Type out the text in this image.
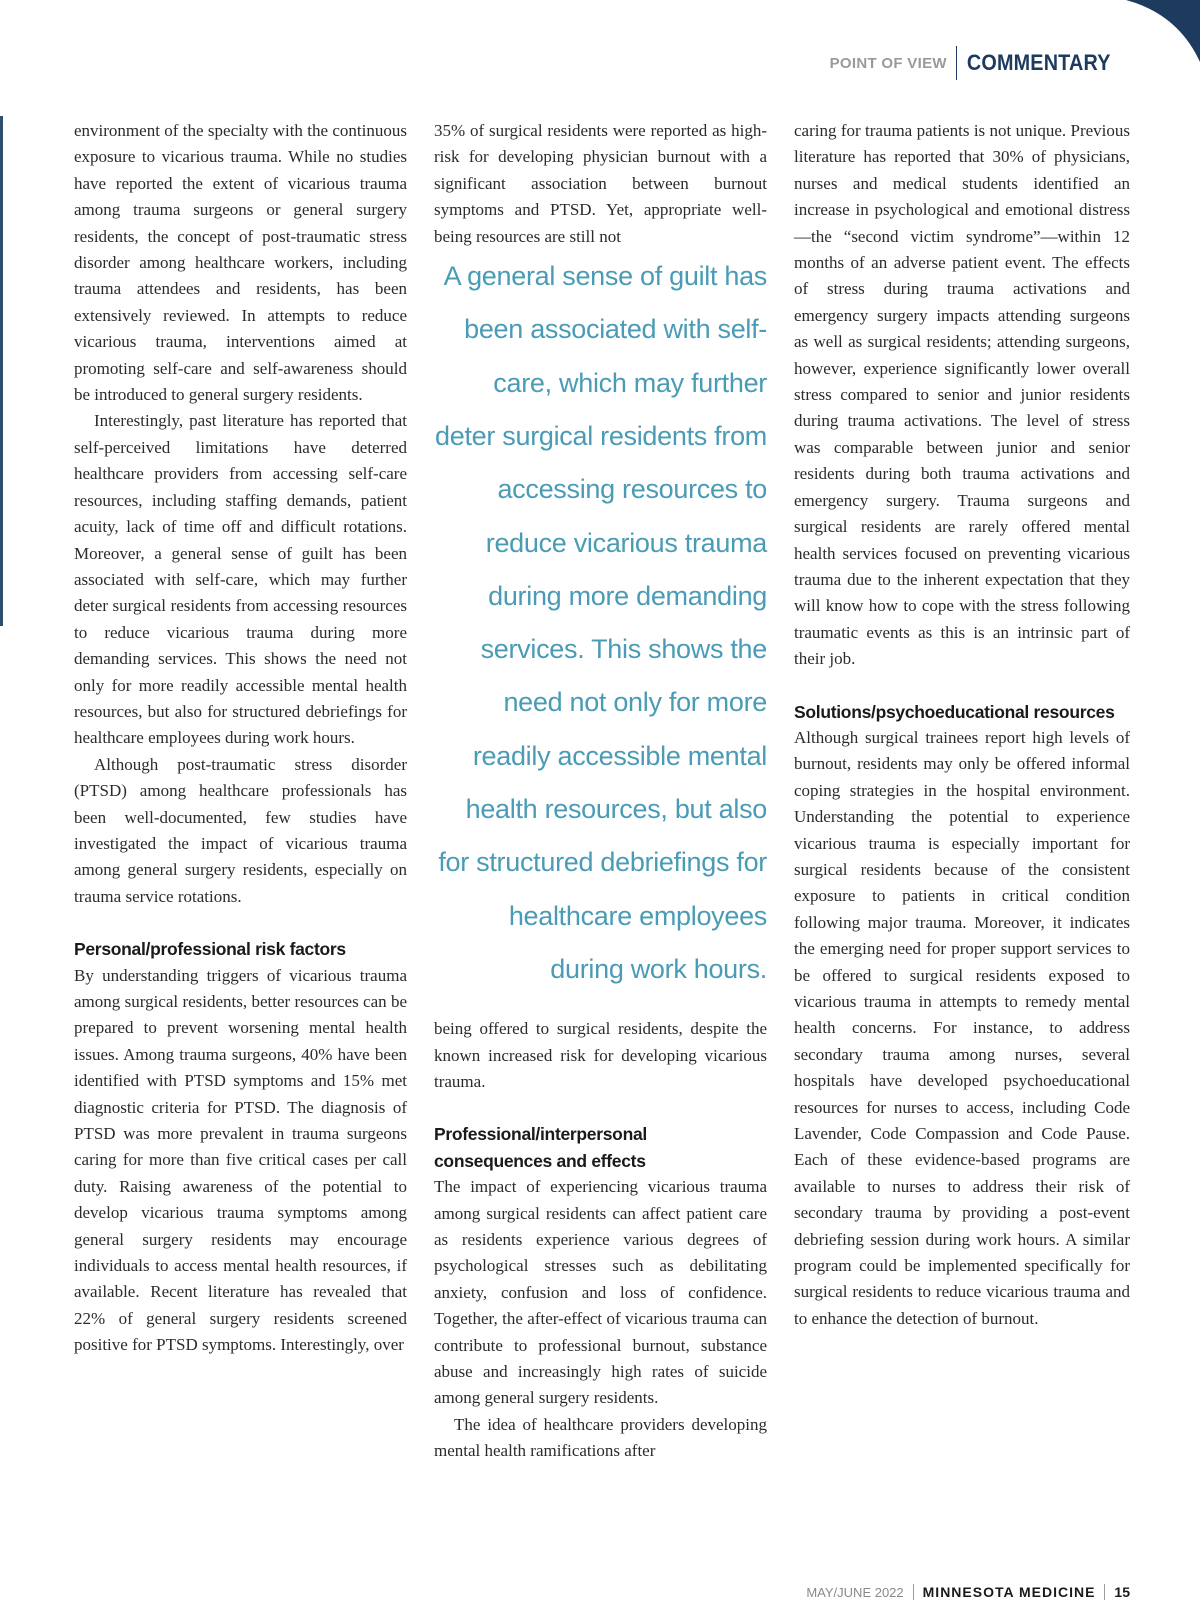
POINT OF VIEW COMMENTARY

environment of the specialty with the continuous exposure to vicarious trauma. While no studies have reported the extent of vicarious trauma among trauma surgeons or general surgery residents, the concept of post-traumatic stress disorder among healthcare workers, including trauma attendees and residents, has been extensively reviewed. In attempts to reduce vicarious trauma, interventions aimed at promoting self-care and self-awareness should be introduced to general surgery residents.

Interestingly, past literature has reported that self-perceived limitations have deterred healthcare providers from accessing self-care resources, including staffing demands, patient acuity, lack of time off and difficult rotations. Moreover, a general sense of guilt has been associated with self-care, which may further deter surgical residents from accessing resources to reduce vicarious trauma during more demanding services. This shows the need not only for more readily accessible mental health resources, but also for structured debriefings for healthcare employees during work hours.

Although post-traumatic stress disorder (PTSD) among healthcare professionals has been well-documented, few studies have investigated the impact of vicarious trauma among general surgery residents, especially on trauma service rotations.

Personal/professional risk factors

By understanding triggers of vicarious trauma among surgical residents, better resources can be prepared to prevent worsening mental health issues. Among trauma surgeons, 40% have been identified with PTSD symptoms and 15% met diagnostic criteria for PTSD. The diagnosis of PTSD was more prevalent in trauma surgeons caring for more than five critical cases per call duty. Raising awareness of the potential to develop vicarious trauma symptoms among general surgery residents may encourage individuals to access mental health resources, if available. Recent literature has revealed that 22% of general surgery residents screened positive for PTSD symptoms. Interestingly, over

35% of surgical residents were reported as high-risk for developing physician burnout with a significant association between burnout symptoms and PTSD. Yet, appropriate well-being resources are still not

A general sense of guilt has been associated with self-care, which may further deter surgical residents from accessing resources to reduce vicarious trauma during more demanding services. This shows the need not only for more readily accessible mental health resources, but also for structured debriefings for healthcare employees during work hours.

being offered to surgical residents, despite the known increased risk for developing vicarious trauma.

Professional/interpersonal consequences and effects

The impact of experiencing vicarious trauma among surgical residents can affect patient care as residents experience various degrees of psychological stresses such as debilitating anxiety, confusion and loss of confidence. Together, the after-effect of vicarious trauma can contribute to professional burnout, substance abuse and increasingly high rates of suicide among general surgery residents.

The idea of healthcare providers developing mental health ramifications after

caring for trauma patients is not unique. Previous literature has reported that 30% of physicians, nurses and medical students identified an increase in psychological and emotional distress—the “second victim syndrome”—within 12 months of an adverse patient event. The effects of stress during trauma activations and emergency surgery impacts attending surgeons as well as surgical residents; attending surgeons, however, experience significantly lower overall stress compared to senior and junior residents during trauma activations. The level of stress was comparable between junior and senior residents during both trauma activations and emergency surgery. Trauma surgeons and surgical residents are rarely offered mental health services focused on preventing vicarious trauma due to the inherent expectation that they will know how to cope with the stress following traumatic events as this is an intrinsic part of their job.

Solutions/psychoeducational resources

Although surgical trainees report high levels of burnout, residents may only be offered informal coping strategies in the hospital environment. Understanding the potential to experience vicarious trauma is especially important for surgical residents because of the consistent exposure to patients in critical condition following major trauma. Moreover, it indicates the emerging need for proper support services to be offered to surgical residents exposed to vicarious trauma in attempts to remedy mental health concerns. For instance, to address secondary trauma among nurses, several hospitals have developed psychoeducational resources for nurses to access, including Code Lavender, Code Compassion and Code Pause. Each of these evidence-based programs are available to nurses to address their risk of secondary trauma by providing a post-event debriefing session during work hours. A similar program could be implemented specifically for surgical residents to reduce vicarious trauma and to enhance the detection of burnout.

MAY/JUNE 2022	MINNESOTA MEDICINE	15
